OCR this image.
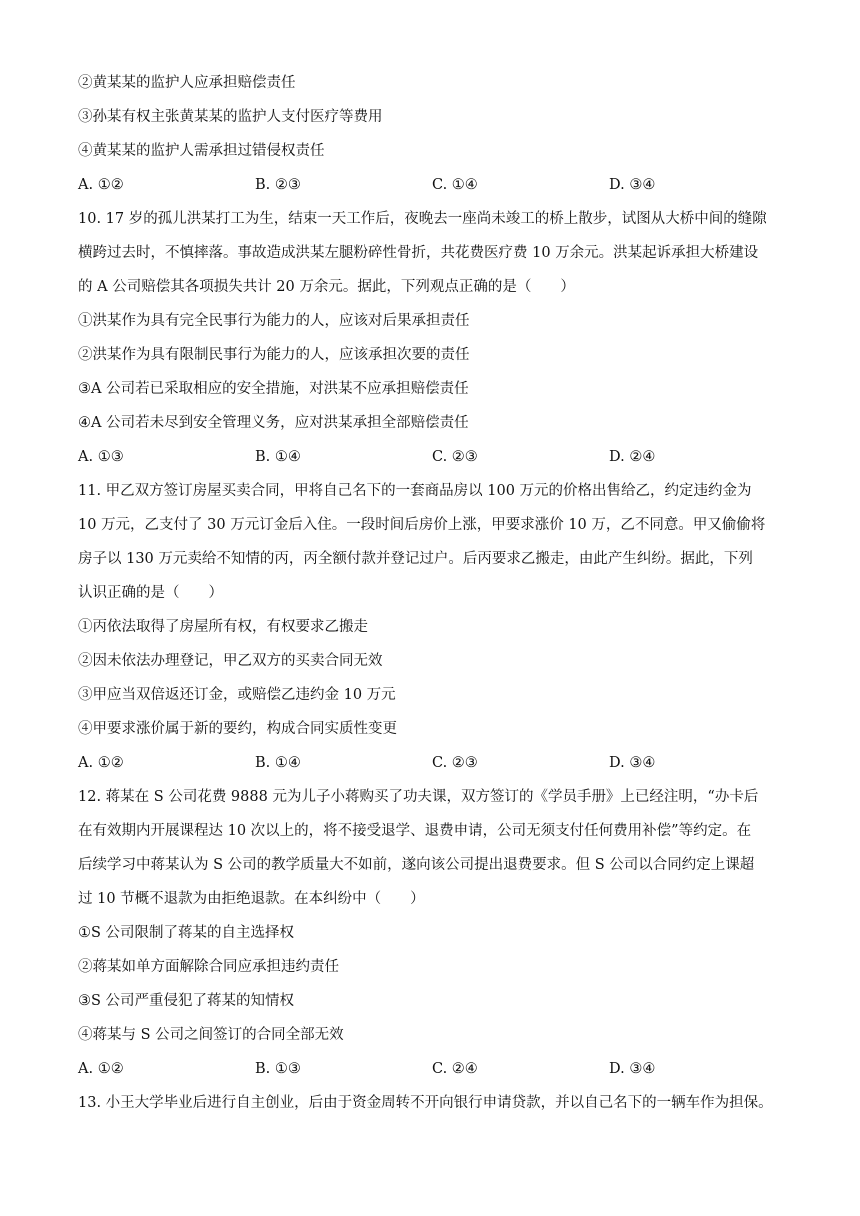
②黄某某的监护人应承担赔偿责任
③孙某有权主张黄某某的监护人支付医疗等费用
④黄某某的监护人需承担过错侵权责任
A. ①②	B. ②③	C. ①④	D. ③④
10. 17 岁的孤儿洪某打工为生，结束一天工作后，夜晚去一座尚未竣工的桥上散步，试图从大桥中间的缝隙
横跨过去时，不慎摔落。事故造成洪某左腿粉碎性骨折，共花费医疗费 10 万余元。洪某起诉承担大桥建设
的 A 公司赔偿其各项损失共计 20 万余元。据此，下列观点正确的是（　　）
①洪某作为具有完全民事行为能力的人，应该对后果承担责任
②洪某作为具有限制民事行为能力的人，应该承担次要的责任
③A 公司若已采取相应的安全措施，对洪某不应承担赔偿责任
④A 公司若未尽到安全管理义务，应对洪某承担全部赔偿责任
A. ①③	B. ①④	C. ②③	D. ②④
11. 甲乙双方签订房屋买卖合同，甲将自己名下的一套商品房以 100 万元的价格出售给乙，约定违约金为
10 万元，乙支付了 30 万元订金后入住。一段时间后房价上涨，甲要求涨价 10 万，乙不同意。甲又偷偷将
房子以 130 万元卖给不知情的丙，丙全额付款并登记过户。后丙要求乙搬走，由此产生纠纷。据此，下列
认识正确的是（　　）
①丙依法取得了房屋所有权，有权要求乙搬走
②因未依法办理登记，甲乙双方的买卖合同无效
③甲应当双倍返还订金，或赔偿乙违约金 10 万元
④甲要求涨价属于新的要约，构成合同实质性变更
A. ①②	B. ①④	C. ②③	D. ③④
12. 蒋某在 S 公司花费 9888 元为儿子小蒋购买了功夫课，双方签订的《学员手册》上已经注明，“办卡后
在有效期内开展课程达 10 次以上的，将不接受退学、退费申请，公司无须支付任何费用补偿”等约定。在
后续学习中蒋某认为 S 公司的教学质量大不如前，遂向该公司提出退费要求。但 S 公司以合同约定上课超
过 10 节概不退款为由拒绝退款。在本纠纷中（　　）
①S 公司限制了蒋某的自主选择权
②蒋某如单方面解除合同应承担违约责任
③S 公司严重侵犯了蒋某的知情权
④蒋某与 S 公司之间签订的合同全部无效
A. ①②	B. ①③	C. ②④	D. ③④
13. 小王大学毕业后进行自主创业，后由于资金周转不开向银行申请贷款，并以自己名下的一辆车作为担保。
